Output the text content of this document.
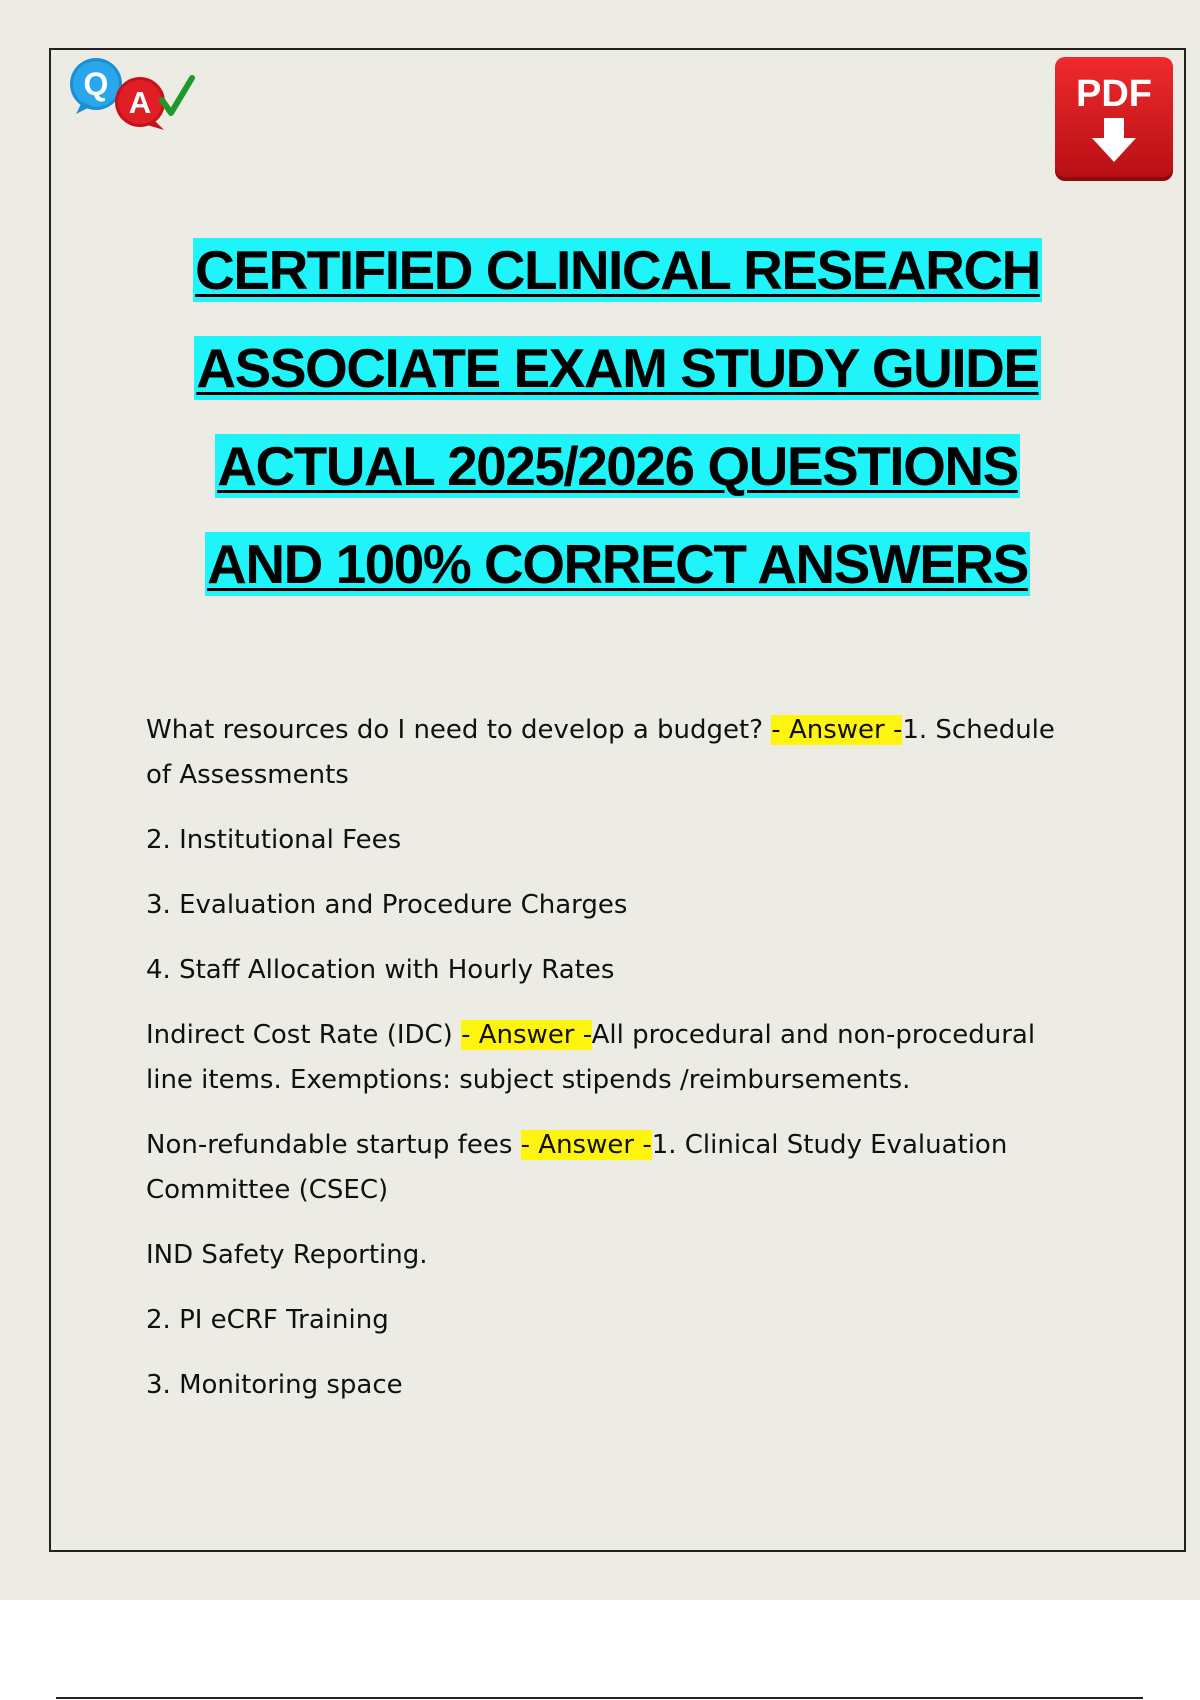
Q
A	PDF
CERTIFIED CLINICAL RESEARCH
ASSOCIATE EXAM STUDY GUIDE
ACTUAL 2025/2026 QUESTIONS
AND 100% CORRECT ANSWERS

What resources do I need to develop a budget? - Answer -1. Schedule of Assessments

2. Institutional Fees

3. Evaluation and Procedure Charges

4. Staff Allocation with Hourly Rates

Indirect Cost Rate (IDC) - Answer -All procedural and non-procedural line items. Exemptions: subject stipends /reimbursements.

Non-refundable startup fees - Answer -1. Clinical Study Evaluation Committee (CSEC)

IND Safety Reporting.

2. PI eCRF Training

3. Monitoring space
